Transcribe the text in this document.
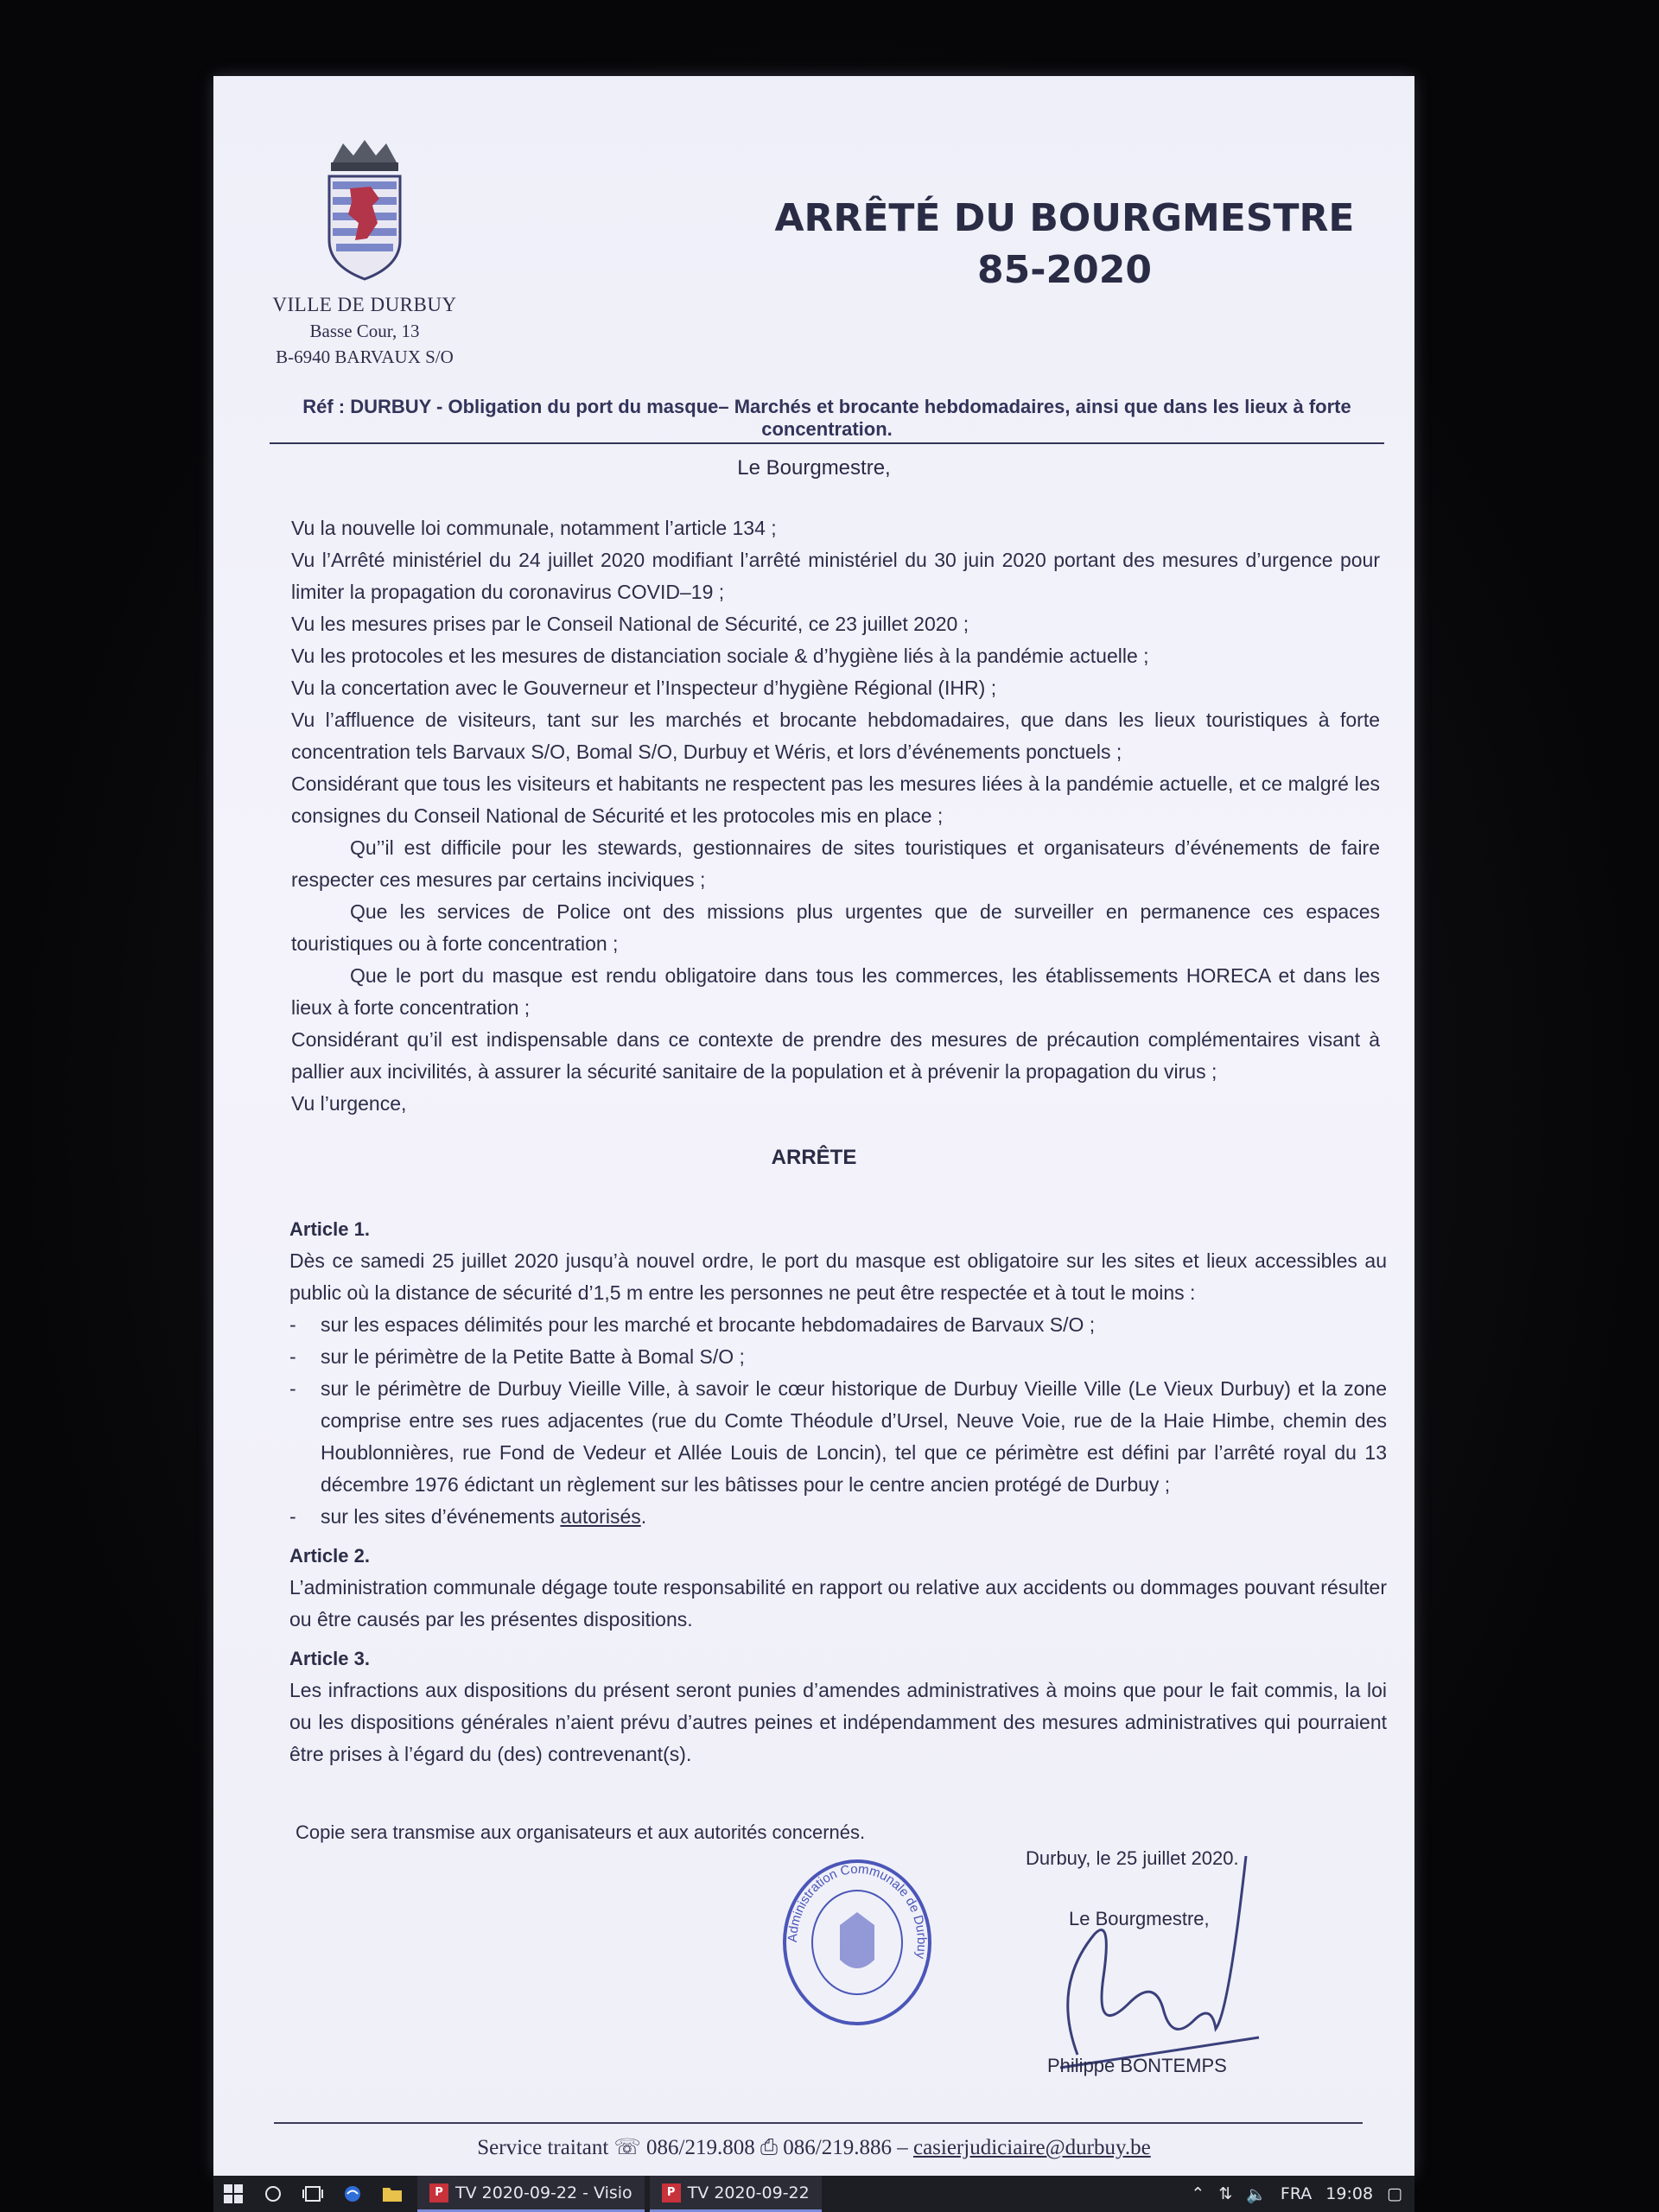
VILLE DE DURBUY
Basse Cour, 13
B-6940 BARVAUX S/O
ARRÊTÉ DU BOURGMESTRE
85-2020
Réf : DURBUY - Obligation du port du masque– Marchés et brocante hebdomadaires, ainsi que dans les lieux à forte concentration.
Le Bourgmestre,

Vu la nouvelle loi communale, notamment l’article 134 ;

Vu l’Arrêté ministériel du 24 juillet 2020 modifiant l’arrêté ministériel du 30 juin 2020 portant des mesures d’urgence pour limiter la propagation du coronavirus COVID–19 ;

Vu les mesures prises par le Conseil National de Sécurité, ce 23 juillet 2020 ;

Vu les protocoles et les mesures de distanciation sociale & d’hygiène liés à la pandémie actuelle ;

Vu la concertation avec le Gouverneur et l’Inspecteur d’hygiène Régional (IHR) ;

Vu l’affluence de visiteurs, tant sur les marchés et brocante hebdomadaires, que dans les lieux touristiques à forte concentration tels Barvaux S/O, Bomal S/O, Durbuy et Wéris, et lors d’événements ponctuels ;

Considérant que tous les visiteurs et habitants ne respectent pas les mesures liées à la pandémie actuelle, et ce malgré les consignes du Conseil National de Sécurité et les protocoles mis en place ;

Qu’’il est difficile pour les stewards, gestionnaires de sites touristiques et organisateurs d’événements de faire respecter ces mesures par certains inciviques ;

Que les services de Police ont des missions plus urgentes que de surveiller en permanence ces espaces touristiques ou à forte concentration ;

Que le port du masque est rendu obligatoire dans tous les commerces, les établissements HORECA et dans les lieux à forte concentration ;

Considérant qu’il est indispensable dans ce contexte de prendre des mesures de précaution complémentaires visant à pallier aux incivilités, à assurer la sécurité sanitaire de la population et à prévenir la propagation du virus ;

Vu l’urgence,

ARRÊTE

Article 1.

Dès ce samedi 25 juillet 2020 jusqu’à nouvel ordre, le port du masque est obligatoire sur les sites et lieux accessibles au public où la distance de sécurité d’1,5 m entre les personnes ne peut être respectée et à tout le moins :

- sur les espaces délimités pour les marché et brocante hebdomadaires de Barvaux S/O ;
- sur le périmètre de la Petite Batte à Bomal S/O ;
- sur le périmètre de Durbuy Vieille Ville, à savoir le cœur historique de Durbuy Vieille Ville (Le Vieux Durbuy) et la zone comprise entre ses rues adjacentes (rue du Comte Théodule d’Ursel, Neuve Voie, rue de la Haie Himbe, chemin des Houblonnières, rue Fond de Vedeur et Allée Louis de Loncin), tel que ce périmètre est défini par l’arrêté royal du 13 décembre 1976 édictant un règlement sur les bâtisses pour le centre ancien protégé de Durbuy ;
- sur les sites d’événements autorisés.

Article 2.

L’administration communale dégage toute responsabilité en rapport ou relative aux accidents ou dommages pouvant résulter ou être causés par les présentes dispositions.

Article 3.

Les infractions aux dispositions du présent seront punies d’amendes administratives à moins que pour le fait commis, la loi ou les dispositions générales n’aient prévu d’autres peines et indépendamment des mesures administratives qui pourraient être prises à l’égard du (des) contrevenant(s).

Copie sera transmise aux organisateurs et aux autorités concernés.
Administration Communale de Durbuy
Durbuy, le 25 juillet 2020.
Le Bourgmestre,
Philippe BONTEMPS
Service traitant ☏ 086/219.808 ⎙ 086/219.886 – casierjudiciaire@durbuy.be
P TV 2020-09-22 - Visio	P TV 2020-09-22	⌃ ⇅ 🔈 FRA 19:08 ▢
